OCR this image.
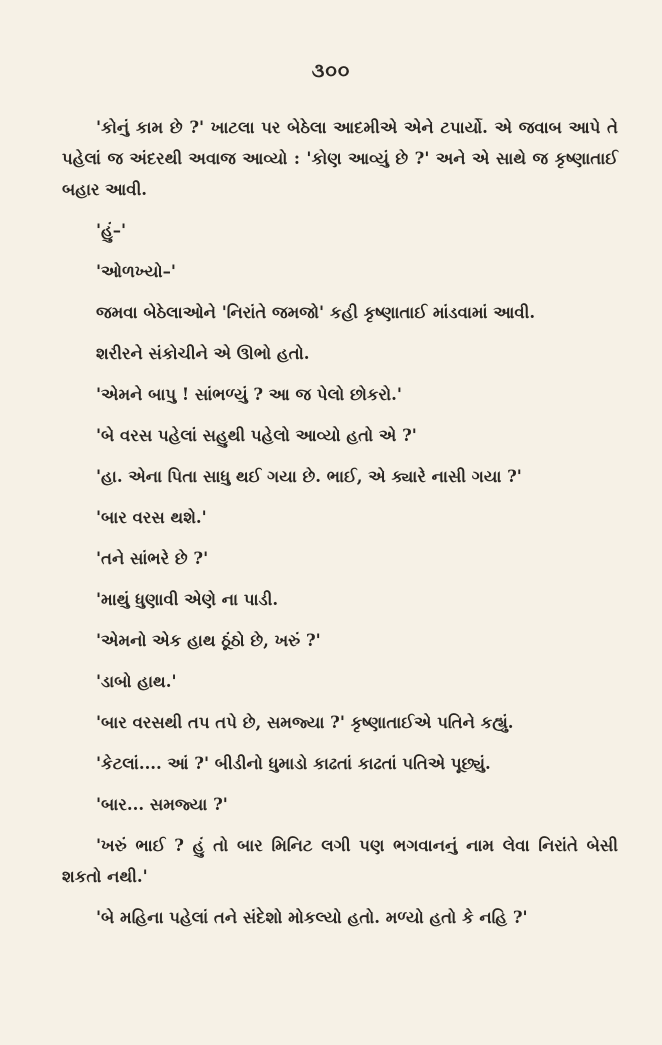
૩૦૦

'કોનું કામ છે ?' ખાટલા પર બેઠેલા આદમીએ એને ટપાર્યો. એ જવાબ આપે તે પહેલાં જ અંદરથી અવાજ આવ્યો : 'કોણ આવ્યું છે ?' અને એ સાથે જ કૃષ્ણાતાઈ બહાર આવી.

'હું–'

'ઓળખ્યો–'

જમવા બેઠેલાઓને 'નિરાંતે જમજો' કહી કૃષ્ણાતાઈ માંડવામાં આવી.

શરીરને સંકોચીને એ ઊભો હતો.

'એમને બાપુ ! સાંભળ્યું ? આ જ પેલો છોકરો.'

'બે વરસ પહેલાં સહુથી પહેલો આવ્યો હતો એ ?'

'હા. એના પિતા સાધુ થઈ ગયા છે. ભાઈ, એ ક્યારે નાસી ગયા ?'

'બાર વરસ થશે.'

'તને સાંભરે છે ?'

'માથું ધુણાવી એણે ના પાડી.

'એમનો એક હાથ ઠૂંઠો છે, ખરું ?'

'ડાબો હાથ.'

'બાર વરસથી તપ તપે છે, સમજ્યા ?' કૃષ્ણાતાઈએ પતિને કહ્યું.

'કેટલાં.... આં ?' બીડીનો ધુમાડો કાઢતાં કાઢતાં પતિએ પૂછ્યું.

'બાર... સમજ્યા ?'

'ખરું ભાઈ ? હું તો બાર મિનિટ લગી પણ ભગવાનનું નામ લેવા નિરાંતે બેસી શકતો નથી.'

'બે મહિના પહેલાં તને સંદેશો મોકલ્યો હતો. મળ્યો હતો કે નહિ ?'
